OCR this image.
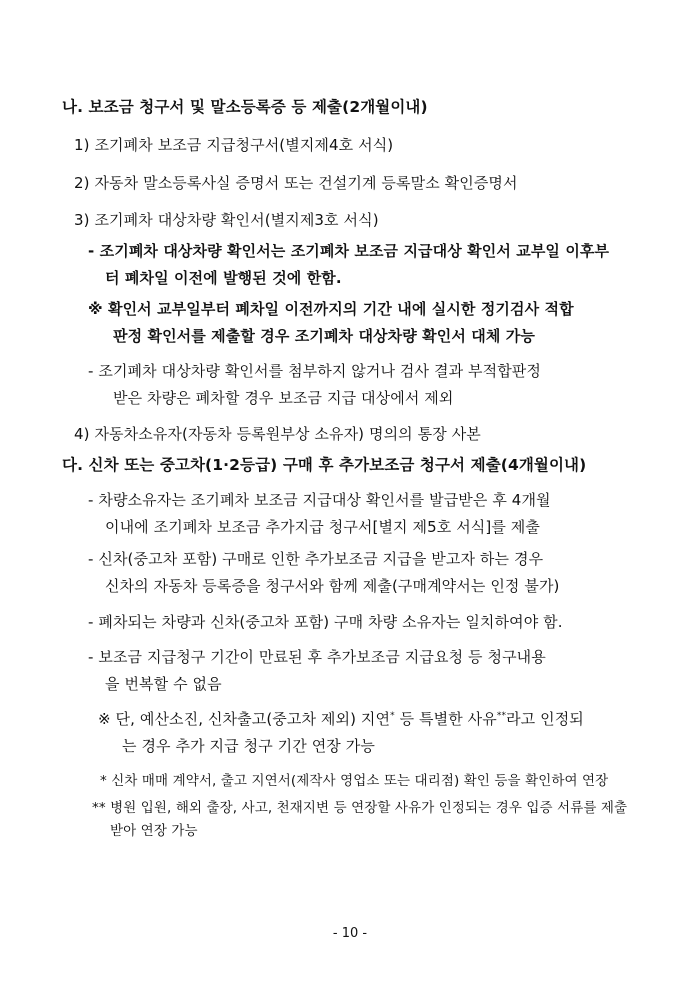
나. 보조금 청구서 및 말소등록증 등 제출(2개월이내)
1) 조기폐차 보조금 지급청구서(별지제4호 서식)
2) 자동차 말소등록사실 증명서 또는 건설기계 등록말소 확인증명서
3) 조기폐차 대상차량 확인서(별지제3호 서식)
- 조기폐차 대상차량 확인서는 조기폐차 보조금 지급대상 확인서 교부일 이후부
터 폐차일 이전에 발행된 것에 한함.
※ 확인서 교부일부터 폐차일 이전까지의 기간 내에 실시한 정기검사 적합
판정 확인서를 제출할 경우 조기폐차 대상차량 확인서 대체 가능
- 조기폐차 대상차량 확인서를 첨부하지 않거나 검사 결과 부적합판정
받은 차량은 폐차할 경우 보조금 지급 대상에서 제외
4) 자동차소유자(자동차 등록원부상 소유자) 명의의 통장 사본
다. 신차 또는 중고차(1·2등급) 구매 후 추가보조금 청구서 제출(4개월이내)
- 차량소유자는 조기폐차 보조금 지급대상 확인서를 발급받은 후 4개월
이내에 조기폐차 보조금 추가지급 청구서[별지 제5호 서식]를 제출
- 신차(중고차 포함) 구매로 인한 추가보조금 지급을 받고자 하는 경우
신차의 자동차 등록증을 청구서와 함께 제출(구매계약서는 인정 불가)
- 폐차되는 차량과 신차(중고차 포함) 구매 차량 소유자는 일치하여야 함.
- 보조금 지급청구 기간이 만료된 후 추가보조금 지급요청 등 청구내용
을 번복할 수 없음
※ 단, 예산소진, 신차출고(중고차 제외) 지연* 등 특별한 사유**라고 인정되
는 경우 추가 지급 청구 기간 연장 가능
* 신차 매매 계약서, 출고 지연서(제작사 영업소 또는 대리점) 확인 등을 확인하여 연장
** 병원 입원, 해외 출장, 사고, 천재지변 등 연장할 사유가 인정되는 경우 입증 서류를 제출
받아 연장 가능
- 10 -
